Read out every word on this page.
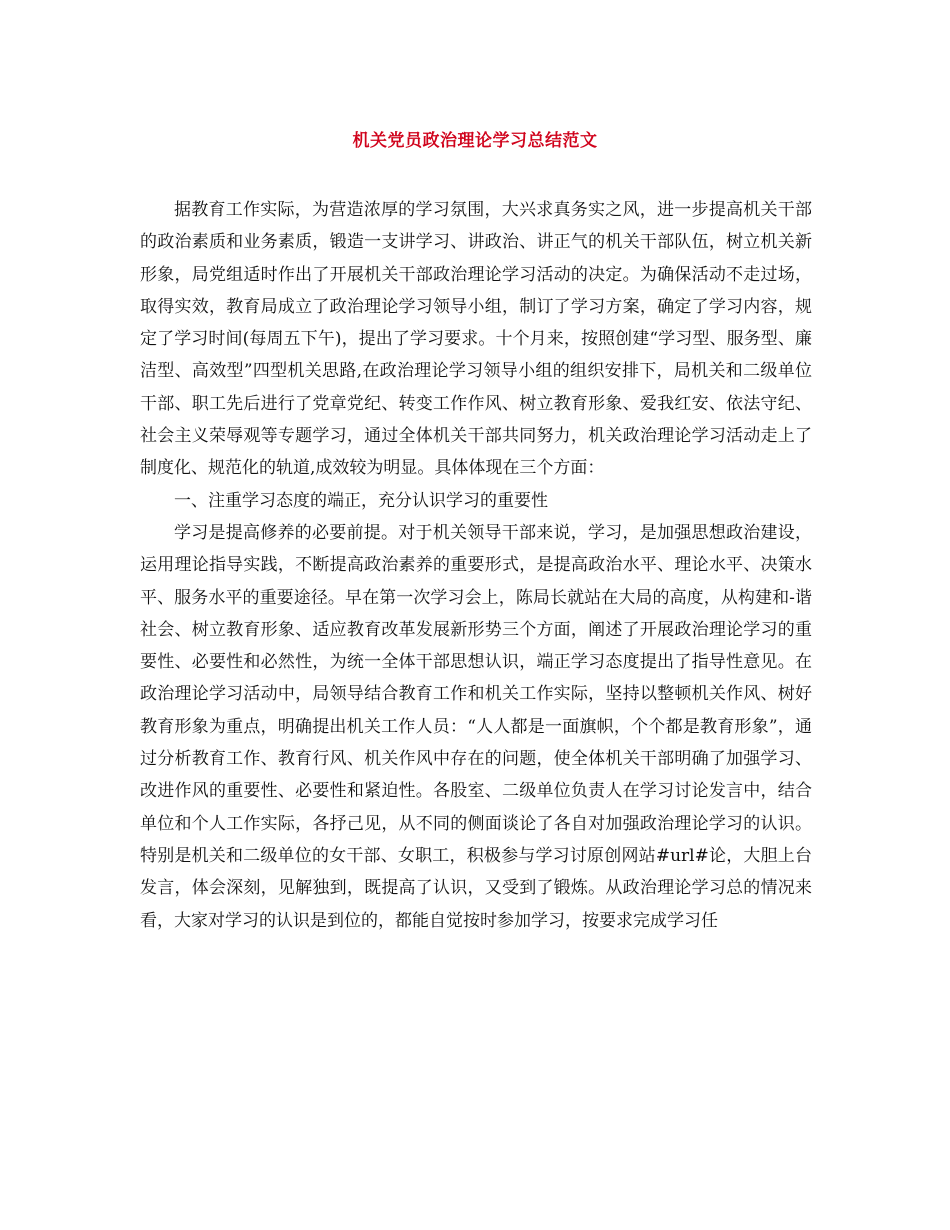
机关党员政治理论学习总结范文

据教育工作实际，为营造浓厚的学习氛围，大兴求真务实之风，进一步提高机关干部的政治素质和业务素质，锻造一支讲学习、讲政治、讲正气的机关干部队伍，树立机关新形象，局党组适时作出了开展机关干部政治理论学习活动的决定。为确保活动不走过场，取得实效，教育局成立了政治理论学习领导小组，制订了学习方案，确定了学习内容，规定了学习时间(每周五下午)，提出了学习要求。十个月来，按照创建“学习型、服务型、廉洁型、高效型”四型机关思路,在政治理论学习领导小组的组织安排下，局机关和二级单位干部、职工先后进行了党章党纪、转变工作作风、树立教育形象、爱我红安、依法守纪、社会主义荣辱观等专题学习，通过全体机关干部共同努力，机关政治理论学习活动走上了制度化、规范化的轨道,成效较为明显。具体体现在三个方面：

一、注重学习态度的端正，充分认识学习的重要性

学习是提高修养的必要前提。对于机关领导干部来说，学习，是加强思想政治建设，运用理论指导实践，不断提高政治素养的重要形式，是提高政治水平、理论水平、决策水平、服务水平的重要途径。早在第一次学习会上，陈局长就站在大局的高度，从构建和-谐社会、树立教育形象、适应教育改革发展新形势三个方面，阐述了开展政治理论学习的重要性、必要性和必然性，为统一全体干部思想认识，端正学习态度提出了指导性意见。在政治理论学习活动中，局领导结合教育工作和机关工作实际，坚持以整顿机关作风、树好教育形象为重点，明确提出机关工作人员：“人人都是一面旗帜，个个都是教育形象”，通过分析教育工作、教育行风、机关作风中存在的问题，使全体机关干部明确了加强学习、改进作风的重要性、必要性和紧迫性。各股室、二级单位负责人在学习讨论发言中，结合单位和个人工作实际，各抒己见，从不同的侧面谈论了各自对加强政治理论学习的认识。特别是机关和二级单位的女干部、女职工，积极参与学习讨原创网站#url#论，大胆上台发言，体会深刻，见解独到，既提高了认识，又受到了锻炼。从政治理论学习总的情况来看，大家对学习的认识是到位的，都能自觉按时参加学习，按要求完成学习任
